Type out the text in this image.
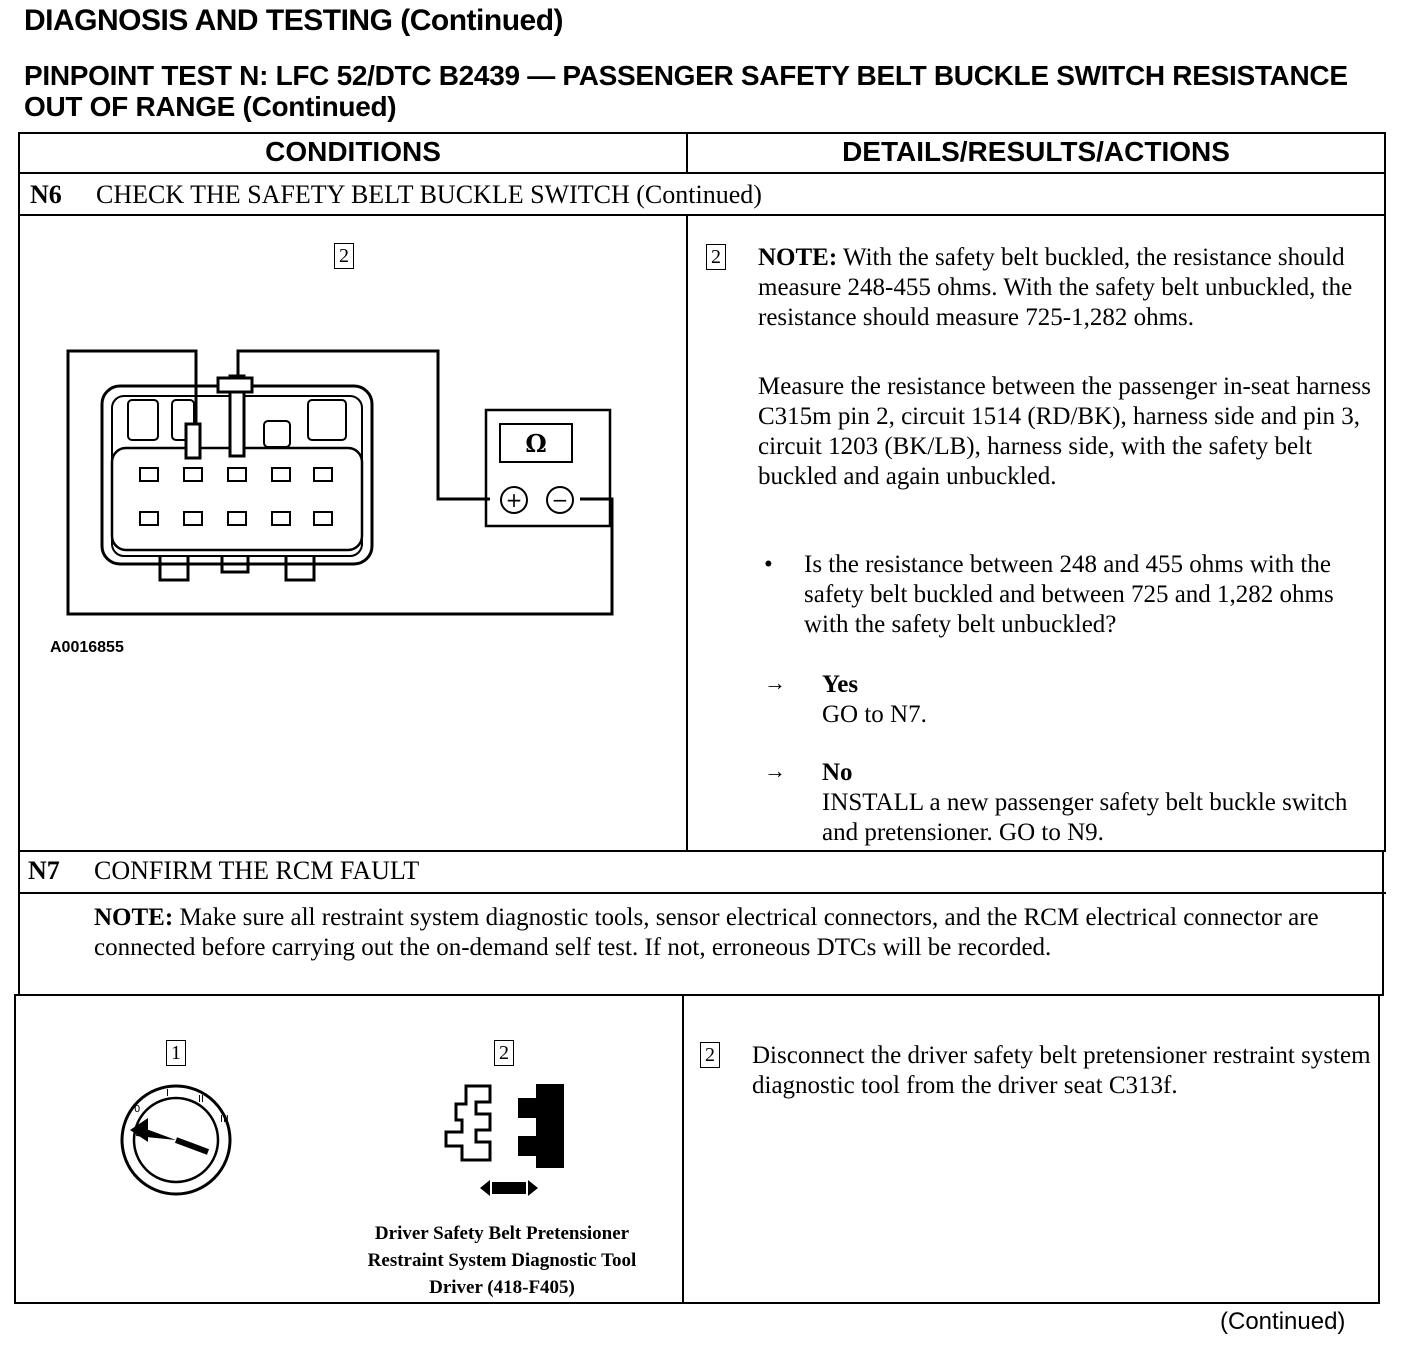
DIAGNOSIS AND TESTING (Continued)
PINPOINT TEST N: LFC 52/DTC B2439 — PASSENGER SAFETY BELT BUCKLE SWITCH RESISTANCE OUT OF RANGE (Continued)
CONDITIONS	DETAILS/RESULTS/ACTIONS
N6 CHECK THE SAFETY BELT BUCKLE SWITCH (Continued)
2
Ω
+ −
A0016855
2 NOTE: With the safety belt buckled, the resistance should measure 248-455 ohms. With the safety belt unbuckled, the resistance should measure 725-1,282 ohms.
Measure the resistance between the passenger in-seat harness C315m pin 2, circuit 1514 (RD/BK), harness side and pin 3, circuit 1203 (BK/LB), harness side, with the safety belt buckled and again unbuckled.
• Is the resistance between 248 and 455 ohms with the safety belt buckled and between 725 and 1,282 ohms with the safety belt unbuckled?
→ Yes
GO to N7.
→ No
INSTALL a new passenger safety belt buckle switch and pretensioner. GO to N9.
N7 CONFIRM THE RCM FAULT
NOTE: Make sure all restraint system diagnostic tools, sensor electrical connectors, and the RCM electrical connector are connected before carrying out the on-demand self test. If not, erroneous DTCs will be recorded.
1
0
I
II
III
2
Driver Safety Belt Pretensioner
Restraint System Diagnostic Tool
Driver (418-F405)
2 Disconnect the driver safety belt pretensioner restraint system diagnostic tool from the driver seat C313f.
(Continued)
